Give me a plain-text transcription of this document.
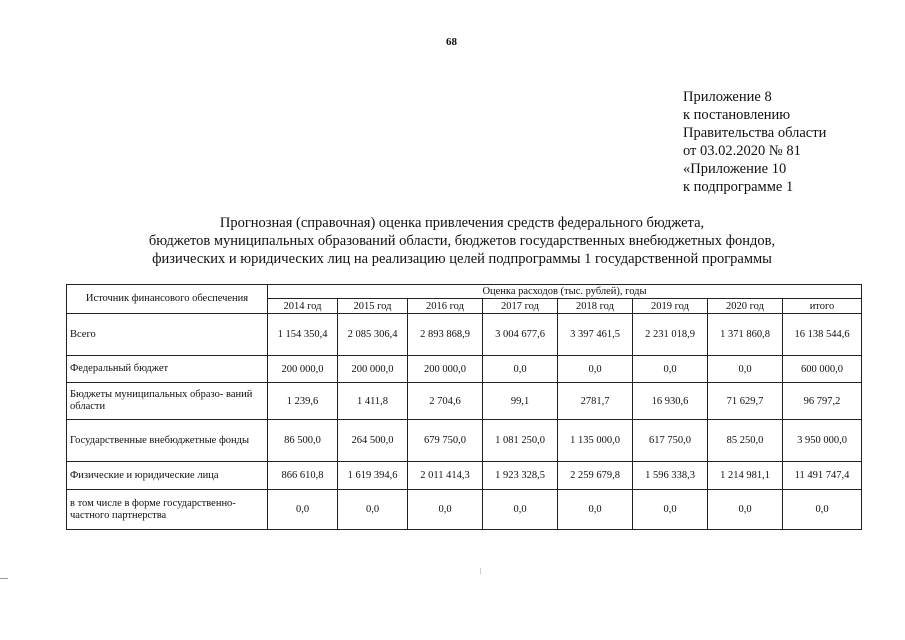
68
Приложение 8
к постановлению
Правительства области
от 03.02.2020 № 81
«Приложение 10
к подпрограмме 1
Прогнозная (справочная) оценка привлечения средств федерального бюджета,
бюджетов муниципальных образований области, бюджетов государственных внебюджетных фондов,
физических и юридических лиц на реализацию целей подпрограммы 1 государственной программы
Источник финансового обеспечения	Оценка расходов (тыс. рублей), годы							
	2014 год	2015 год	2016 год	2017 год	2018 год	2019 год	2020 год	итого
Всего	1 154 350,4	2 085 306,4	2 893 868,9	3 004 677,6	3 397 461,5	2 231 018,9	1 371 860,8	16 138 544,6
Федеральный бюджет	200 000,0	200 000,0	200 000,0	0,0	0,0	0,0	0,0	600 000,0
Бюджеты муниципальных образо- ваний области	1 239,6	1 411,8	2 704,6	99,1	2781,7	16 930,6	71 629,7	96 797,2
Государственные внебюджетные фонды	86 500,0	264 500,0	679 750,0	1 081 250,0	1 135 000,0	617 750,0	85 250,0	3 950 000,0
Физические и юридические лица	866 610,8	1 619 394,6	2 011 414,3	1 923 328,5	2 259 679,8	1 596 338,3	1 214 981,1	11 491 747,4
в том числе в форме государственно-частного партнерства	0,0	0,0	0,0	0,0	0,0	0,0	0,0	0,0
